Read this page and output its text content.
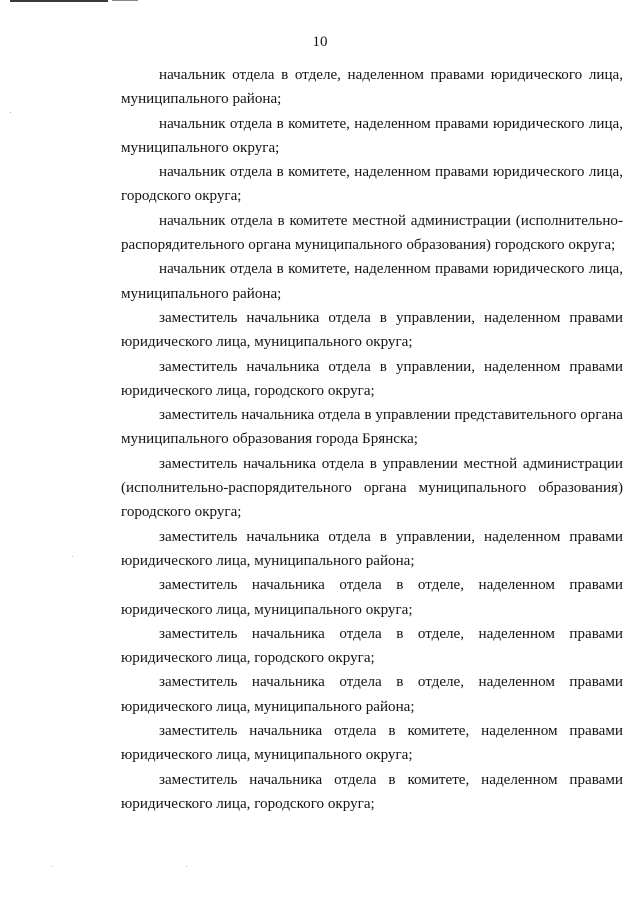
10
начальник отдела в отделе, наделенном правами юридического лица,
муниципального района;
начальник отдела в комитете, наделенном правами юридического лица,
муниципального округа;
начальник отдела в комитете, наделенном правами юридического лица,
городского округа;
начальник отдела в комитете местной администрации (исполнительно-
распорядительного органа муниципального образования) городского округа;
начальник отдела в комитете, наделенном правами юридического лица,
муниципального района;
заместитель начальника отдела в управлении, наделенном правами
юридического лица, муниципального округа;
заместитель начальника отдела в управлении, наделенном правами
юридического лица, городского округа;
заместитель начальника отдела в управлении представительного органа
муниципального образования города Брянска;
заместитель начальника отдела в управлении местной администрации
(исполнительно-распорядительного органа муниципального образования)
городского округа;
заместитель начальника отдела в управлении, наделенном правами
юридического лица, муниципального района;
заместитель начальника отдела в отделе, наделенном правами
юридического лица, муниципального округа;
заместитель начальника отдела в отделе, наделенном правами
юридического лица, городского округа;
заместитель начальника отдела в отделе, наделенном правами
юридического лица, муниципального района;
заместитель начальника отдела в комитете, наделенном правами
юридического лица, муниципального округа;
заместитель начальника отдела в комитете, наделенном правами
юридического лица, городского округа;
